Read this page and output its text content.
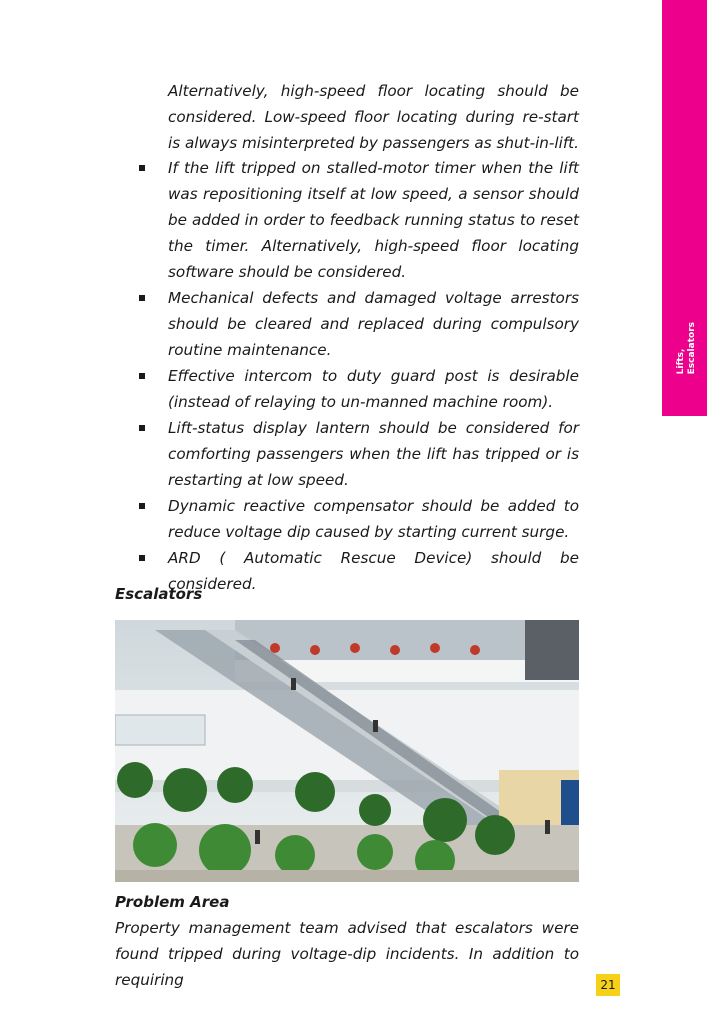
Lifts,
Escalators
Alternatively, high-speed floor locating should be considered. Low-speed floor locating during re-start is always misinterpreted by passengers as shut-in-lift.
If the lift tripped on stalled-motor timer when the lift was repositioning itself at low speed, a sensor should be added in order to feedback running status to reset the timer. Alternatively, high-speed floor locating software should be considered.
Mechanical defects and damaged voltage arrestors should be cleared and replaced during compulsory routine maintenance.
Effective intercom to duty guard post is desirable (instead of relaying to un-manned machine room).
Lift-status display lantern should be considered for comforting passengers when the lift has tripped or is restarting at low speed.
Dynamic reactive compensator should be added to reduce voltage dip caused by starting current surge.
ARD ( Automatic Rescue Device) should be considered.
Escalators
Problem Area
Property management team advised that escalators were found tripped during voltage-dip incidents. In addition to requiring	21
